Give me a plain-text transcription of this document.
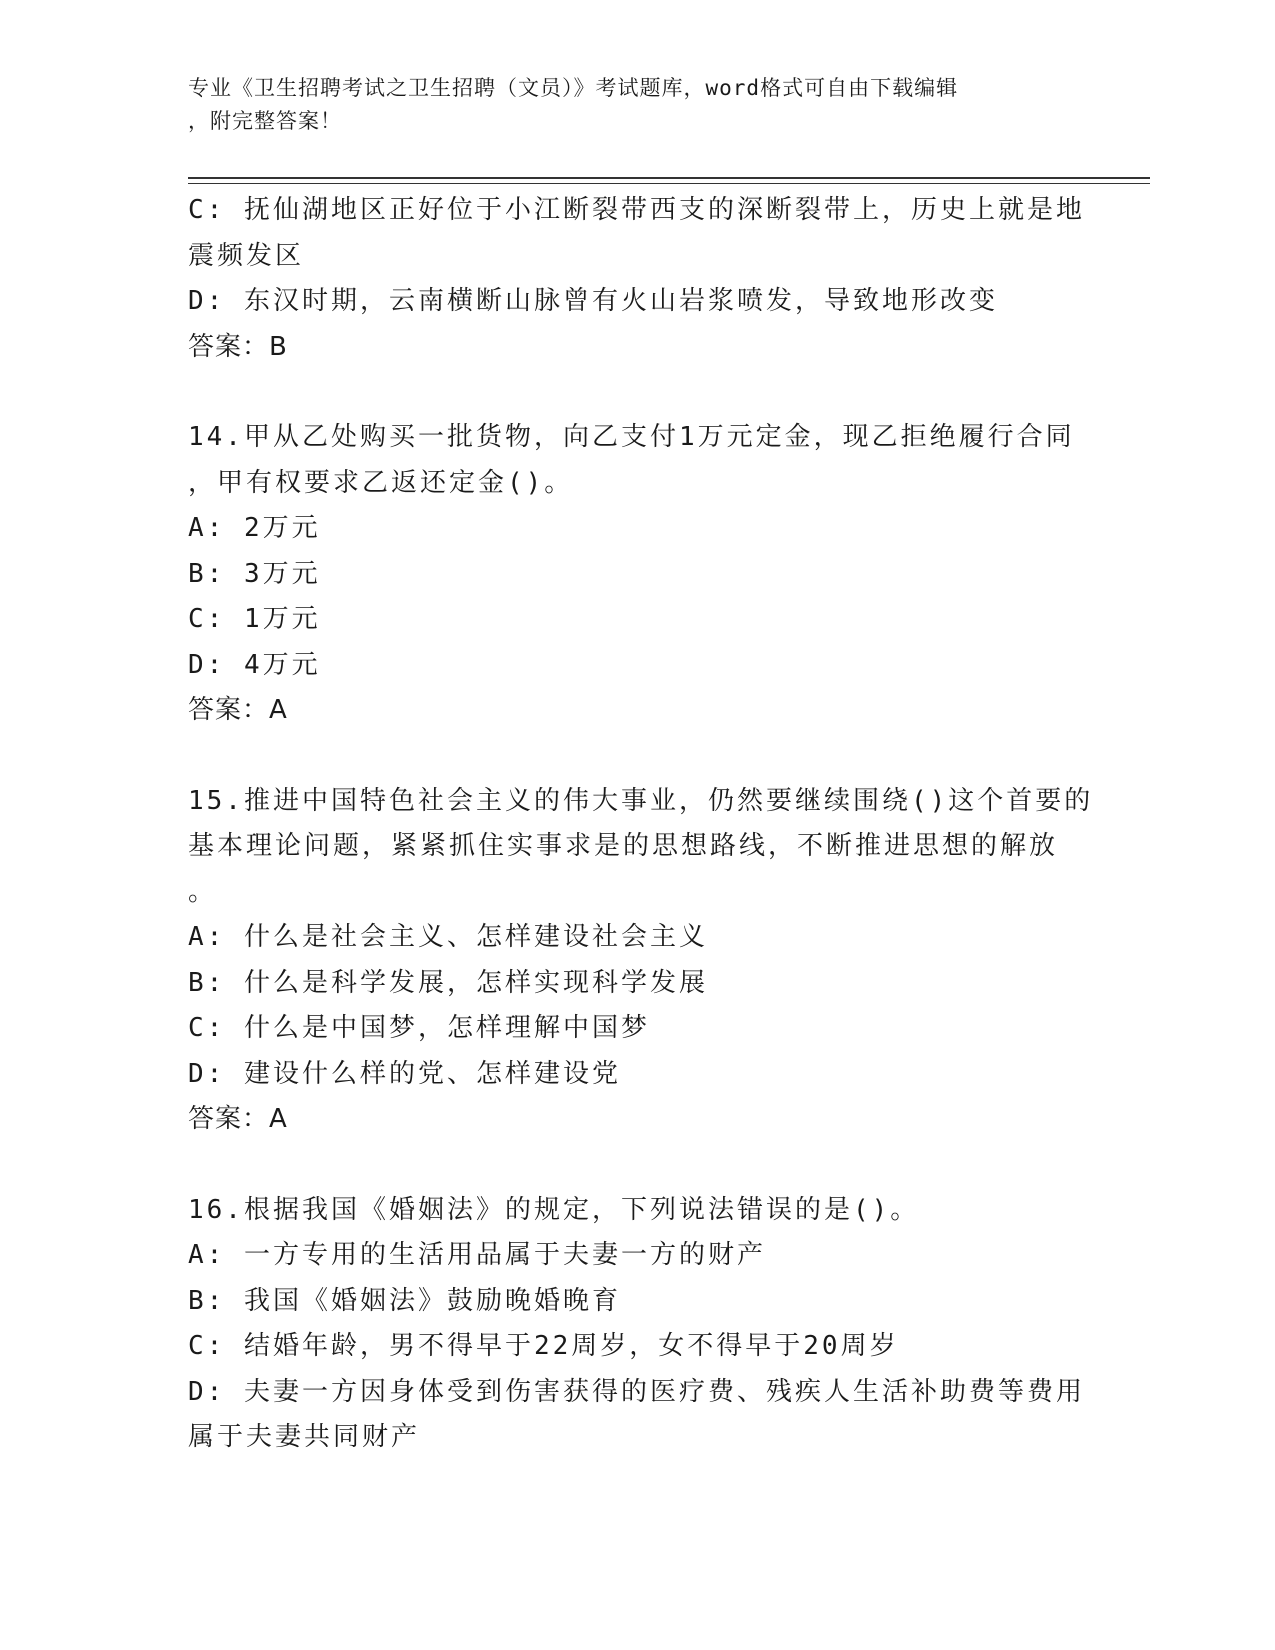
专业《卫生招聘考试之卫生招聘（文员）》考试题库，word格式可自由下载编辑
，附完整答案！
C: 抚仙湖地区正好位于小江断裂带西支的深断裂带上，历史上就是地
震频发区
D: 东汉时期，云南横断山脉曾有火山岩浆喷发，导致地形改变
答案：B
14.甲从乙处购买一批货物，向乙支付1万元定金，现乙拒绝履行合同
，甲有权要求乙返还定金()。
A: 2万元
B: 3万元
C: 1万元
D: 4万元
答案：A
15.推进中国特色社会主义的伟大事业，仍然要继续围绕()这个首要的
基本理论问题，紧紧抓住实事求是的思想路线，不断推进思想的解放
。
A: 什么是社会主义、怎样建设社会主义
B: 什么是科学发展，怎样实现科学发展
C: 什么是中国梦，怎样理解中国梦
D: 建设什么样的党、怎样建设党
答案：A
16.根据我国《婚姻法》的规定，下列说法错误的是()。
A: 一方专用的生活用品属于夫妻一方的财产
B: 我国《婚姻法》鼓励晚婚晚育
C: 结婚年龄，男不得早于22周岁，女不得早于20周岁
D: 夫妻一方因身体受到伤害获得的医疗费、残疾人生活补助费等费用
属于夫妻共同财产
